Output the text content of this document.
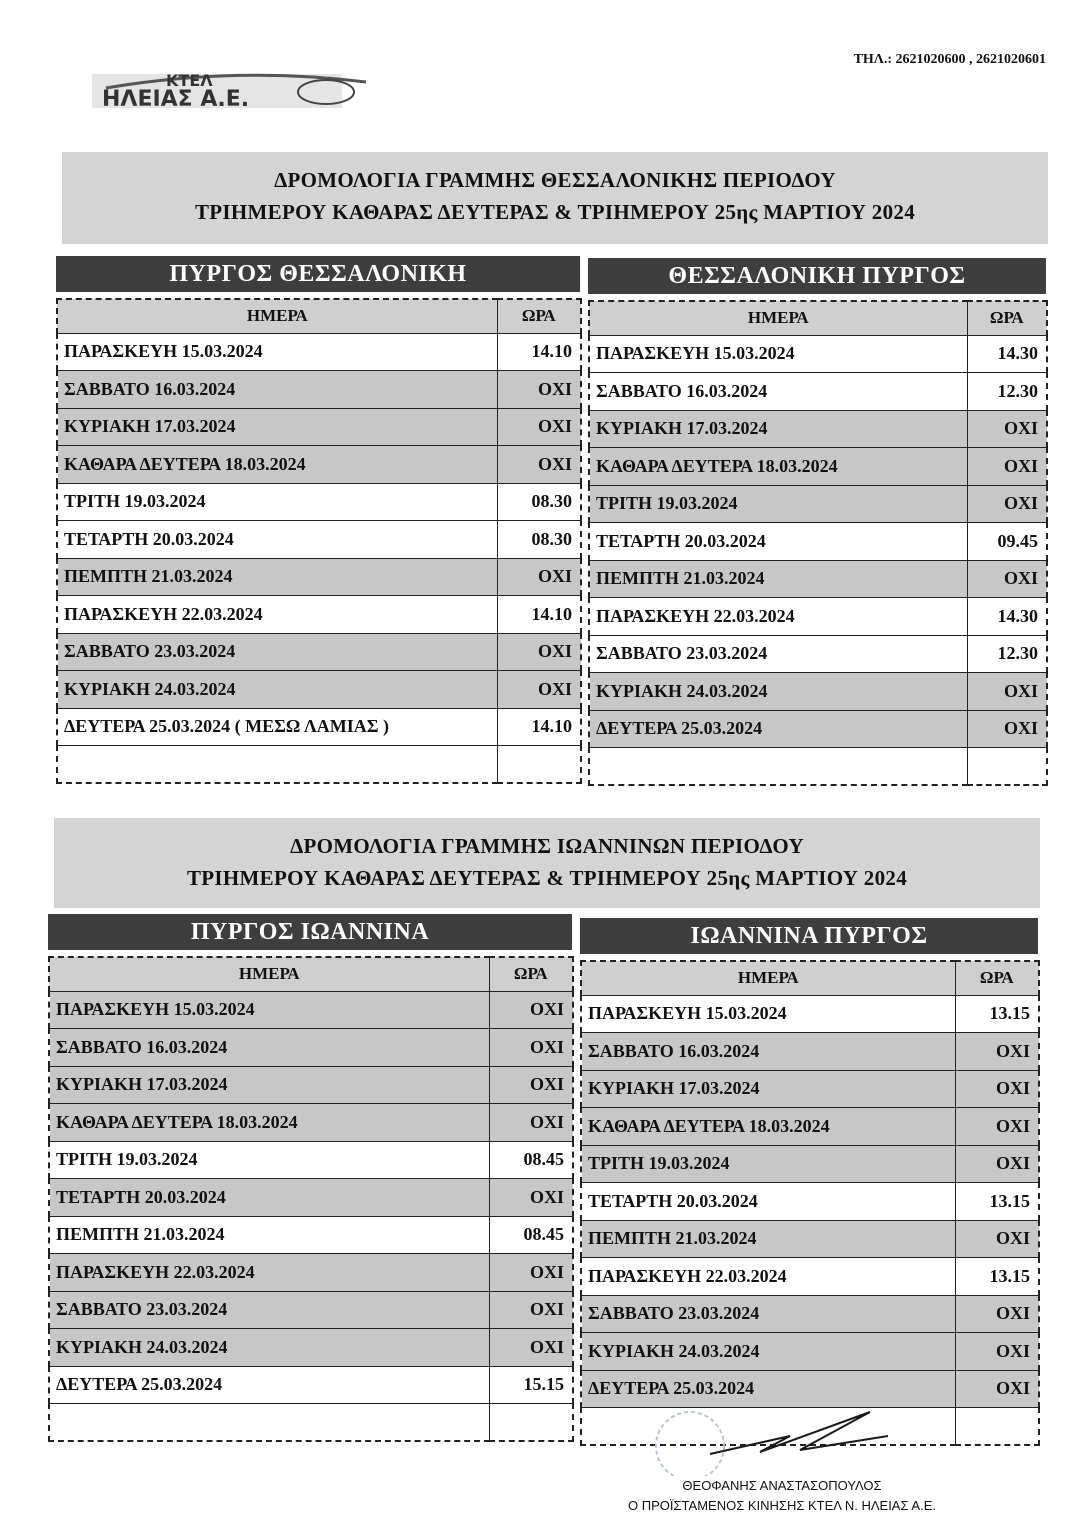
ΤΗΛ.: 2621020600 , 2621020601
ΚΤΕΛ
ΗΛΕΙΑΣ Α.Ε.
ΔΡΟΜΟΛΟΓΙΑ ΓΡΑΜΜΗΣ ΘΕΣΣΑΛΟΝΙΚΗΣ ΠΕΡΙΟΔΟΥ
ΤΡΙΗΜΕΡΟΥ ΚΑΘΑΡΑΣ ΔΕΥΤΕΡΑΣ & ΤΡΙΗΜΕΡΟΥ 25ης ΜΑΡΤΙΟΥ 2024
ΠΥΡΓΟΣ ΘΕΣΣΑΛΟΝΙΚΗ
ΗΜΕΡΑ	ΩΡΑ
ΠΑΡΑΣΚΕΥΗ 15.03.2024	14.10
ΣΑΒΒΑΤΟ 16.03.2024	ΟΧΙ
ΚΥΡΙΑΚΗ 17.03.2024	ΟΧΙ
ΚΑΘΑΡΑ ΔΕΥΤΕΡΑ 18.03.2024	ΟΧΙ
ΤΡΙΤΗ 19.03.2024	08.30
ΤΕΤΑΡΤΗ 20.03.2024	08.30
ΠΕΜΠΤΗ 21.03.2024	ΟΧΙ
ΠΑΡΑΣΚΕΥΗ 22.03.2024	14.10
ΣΑΒΒΑΤΟ 23.03.2024	ΟΧΙ
ΚΥΡΙΑΚΗ 24.03.2024	ΟΧΙ
ΔΕΥΤΕΡΑ 25.03.2024 ( ΜΕΣΩ ΛΑΜΙΑΣ )	14.10

ΘΕΣΣΑΛΟΝΙΚΗ ΠΥΡΓΟΣ
ΗΜΕΡΑ	ΩΡΑ
ΠΑΡΑΣΚΕΥΗ 15.03.2024	14.30
ΣΑΒΒΑΤΟ 16.03.2024	12.30
ΚΥΡΙΑΚΗ 17.03.2024	ΟΧΙ
ΚΑΘΑΡΑ ΔΕΥΤΕΡΑ 18.03.2024	ΟΧΙ
ΤΡΙΤΗ 19.03.2024	ΟΧΙ
ΤΕΤΑΡΤΗ 20.03.2024	09.45
ΠΕΜΠΤΗ 21.03.2024	ΟΧΙ
ΠΑΡΑΣΚΕΥΗ 22.03.2024	14.30
ΣΑΒΒΑΤΟ 23.03.2024	12.30
ΚΥΡΙΑΚΗ 24.03.2024	ΟΧΙ
ΔΕΥΤΕΡΑ 25.03.2024	ΟΧΙ

ΔΡΟΜΟΛΟΓΙΑ ΓΡΑΜΜΗΣ ΙΩΑΝΝΙΝΩΝ ΠΕΡΙΟΔΟΥ
ΤΡΙΗΜΕΡΟΥ ΚΑΘΑΡΑΣ ΔΕΥΤΕΡΑΣ & ΤΡΙΗΜΕΡΟΥ 25ης ΜΑΡΤΙΟΥ 2024
ΠΥΡΓΟΣ ΙΩΑΝΝΙΝΑ
ΗΜΕΡΑ	ΩΡΑ
ΠΑΡΑΣΚΕΥΗ 15.03.2024	ΟΧΙ
ΣΑΒΒΑΤΟ 16.03.2024	ΟΧΙ
ΚΥΡΙΑΚΗ 17.03.2024	ΟΧΙ
ΚΑΘΑΡΑ ΔΕΥΤΕΡΑ 18.03.2024	ΟΧΙ
ΤΡΙΤΗ 19.03.2024	08.45
ΤΕΤΑΡΤΗ 20.03.2024	ΟΧΙ
ΠΕΜΠΤΗ 21.03.2024	08.45
ΠΑΡΑΣΚΕΥΗ 22.03.2024	ΟΧΙ
ΣΑΒΒΑΤΟ 23.03.2024	ΟΧΙ
ΚΥΡΙΑΚΗ 24.03.2024	ΟΧΙ
ΔΕΥΤΕΡΑ 25.03.2024	15.15

ΙΩΑΝΝΙΝΑ ΠΥΡΓΟΣ
ΗΜΕΡΑ	ΩΡΑ
ΠΑΡΑΣΚΕΥΗ 15.03.2024	13.15
ΣΑΒΒΑΤΟ 16.03.2024	ΟΧΙ
ΚΥΡΙΑΚΗ 17.03.2024	ΟΧΙ
ΚΑΘΑΡΑ ΔΕΥΤΕΡΑ 18.03.2024	ΟΧΙ
ΤΡΙΤΗ 19.03.2024	ΟΧΙ
ΤΕΤΑΡΤΗ 20.03.2024	13.15
ΠΕΜΠΤΗ 21.03.2024	ΟΧΙ
ΠΑΡΑΣΚΕΥΗ 22.03.2024	13.15
ΣΑΒΒΑΤΟ 23.03.2024	ΟΧΙ
ΚΥΡΙΑΚΗ 24.03.2024	ΟΧΙ
ΔΕΥΤΕΡΑ 25.03.2024	ΟΧΙ

ΘΕΟΦΑΝΗΣ ΑΝΑΣΤΑΣΟΠΟΥΛΟΣ
Ο ΠΡΟΪΣΤΑΜΕΝΟΣ ΚΙΝΗΣΗΣ ΚΤΕΛ Ν. ΗΛΕΙΑΣ Α.Ε.
